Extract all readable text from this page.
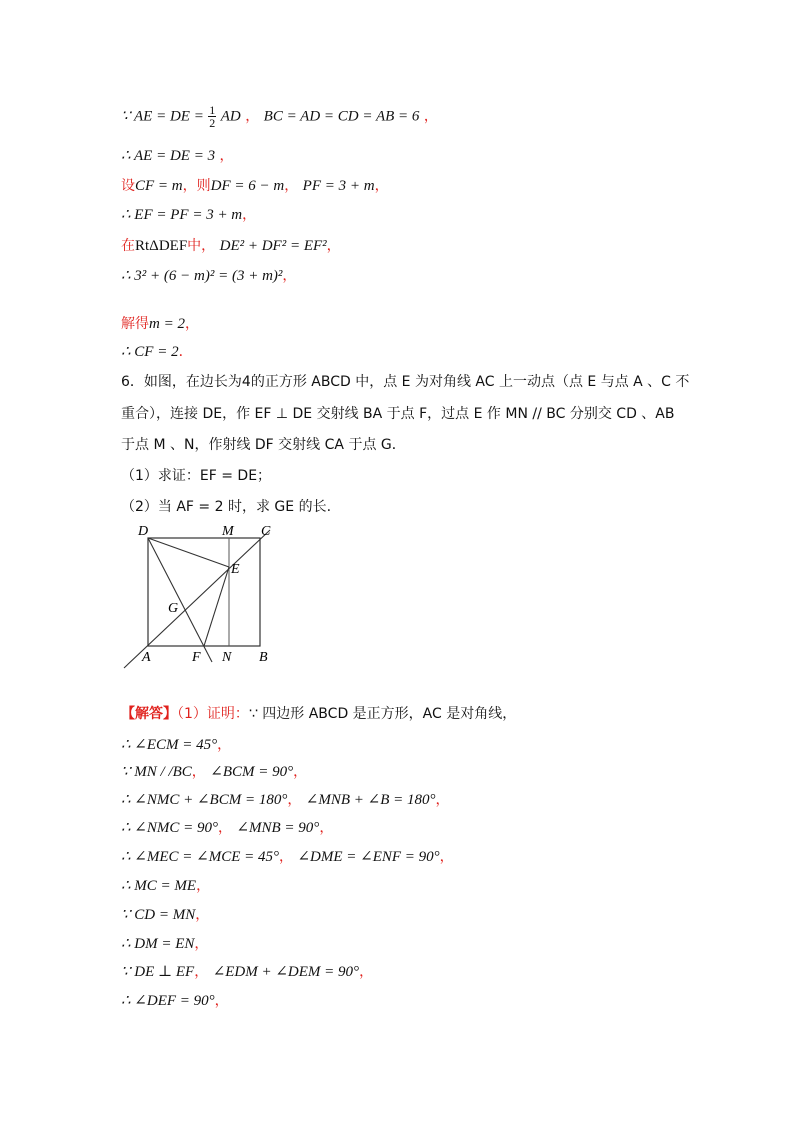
∵ AE = DE = $\frac{1}{2}$ AD ， BC = AD = CD = AB = 6 ，
∴ AE = DE = 3 ，
设CF = m，则DF = 6 − m， PF = 3 + m，
∴ EF = PF = 3 + m，
在RtΔDEF中， DE² + DF² = EF²，
∴ 3² + (6 − m)² = (3 + m)²，
解得m = 2，
∴ CF = 2．
6．如图，在边长为4的正方形 ABCD 中，点 E 为对角线 AC 上一动点（点 E 与点 A 、C 不
重合），连接 DE，作 EF ⊥ DE 交射线 BA 于点 F，过点 E 作 MN // BC 分别交 CD 、AB
于点 M 、N，作射线 DF 交射线 CA 于点 G．
（1）求证：EF = DE；
（2）当 AF = 2 时，求 GE 的长.
D	M C
E
G
A	F N B
【解答】（1）证明：∵ 四边形 ABCD 是正方形，AC 是对角线，
∴ ∠ECM = 45°，
∵ MN / /BC， ∠BCM = 90°，
∴ ∠NMC + ∠BCM = 180°， ∠MNB + ∠B = 180°，
∴ ∠NMC = 90°， ∠MNB = 90°，
∴ ∠MEC = ∠MCE = 45°， ∠DME = ∠ENF = 90°，
∴ MC = ME，
∵ CD = MN，
∴ DM = EN，
∵ DE ⊥ EF， ∠EDM + ∠DEM = 90°，
∴ ∠DEF = 90°，
